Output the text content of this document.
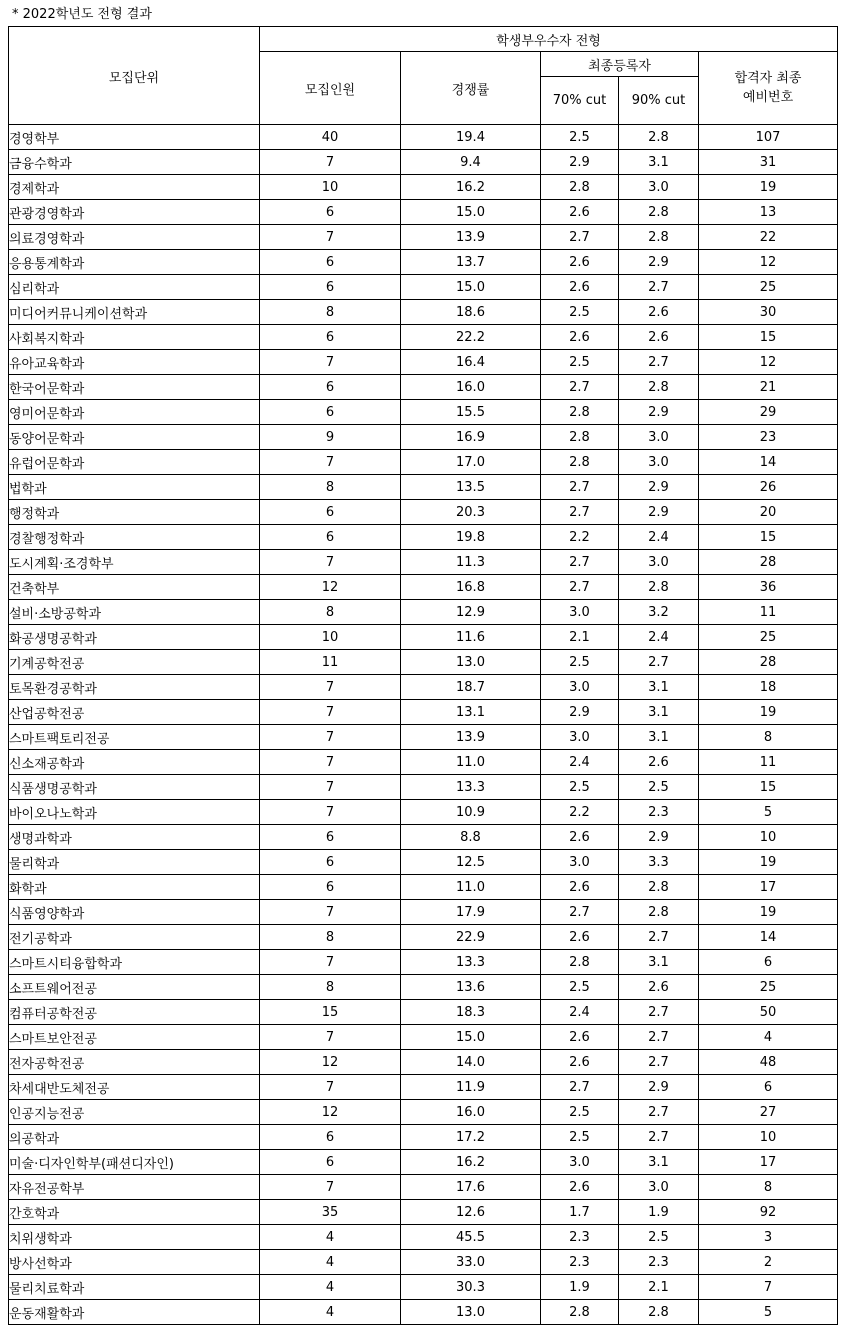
* 2022학년도 전형 결과
모집단위	학생부우수자 전형				
	모집인원	경쟁률	최종등록자		합격자 최종
예비번호
			70% cut	90% cut	
경영학부	40	19.4	2.5	2.8	107
금융수학과	7	9.4	2.9	3.1	31
경제학과	10	16.2	2.8	3.0	19
관광경영학과	6	15.0	2.6	2.8	13
의료경영학과	7	13.9	2.7	2.8	22
응용통계학과	6	13.7	2.6	2.9	12
심리학과	6	15.0	2.6	2.7	25
미디어커뮤니케이션학과	8	18.6	2.5	2.6	30
사회복지학과	6	22.2	2.6	2.6	15
유아교육학과	7	16.4	2.5	2.7	12
한국어문학과	6	16.0	2.7	2.8	21
영미어문학과	6	15.5	2.8	2.9	29
동양어문학과	9	16.9	2.8	3.0	23
유럽어문학과	7	17.0	2.8	3.0	14
법학과	8	13.5	2.7	2.9	26
행정학과	6	20.3	2.7	2.9	20
경찰행정학과	6	19.8	2.2	2.4	15
도시계획·조경학부	7	11.3	2.7	3.0	28
건축학부	12	16.8	2.7	2.8	36
설비·소방공학과	8	12.9	3.0	3.2	11
화공생명공학과	10	11.6	2.1	2.4	25
기계공학전공	11	13.0	2.5	2.7	28
토목환경공학과	7	18.7	3.0	3.1	18
산업공학전공	7	13.1	2.9	3.1	19
스마트팩토리전공	7	13.9	3.0	3.1	8
신소재공학과	7	11.0	2.4	2.6	11
식품생명공학과	7	13.3	2.5	2.5	15
바이오나노학과	7	10.9	2.2	2.3	5
생명과학과	6	8.8	2.6	2.9	10
물리학과	6	12.5	3.0	3.3	19
화학과	6	11.0	2.6	2.8	17
식품영양학과	7	17.9	2.7	2.8	19
전기공학과	8	22.9	2.6	2.7	14
스마트시티융합학과	7	13.3	2.8	3.1	6
소프트웨어전공	8	13.6	2.5	2.6	25
컴퓨터공학전공	15	18.3	2.4	2.7	50
스마트보안전공	7	15.0	2.6	2.7	4
전자공학전공	12	14.0	2.6	2.7	48
차세대반도체전공	7	11.9	2.7	2.9	6
인공지능전공	12	16.0	2.5	2.7	27
의공학과	6	17.2	2.5	2.7	10
미술·디자인학부(패션디자인)	6	16.2	3.0	3.1	17
자유전공학부	7	17.6	2.6	3.0	8
간호학과	35	12.6	1.7	1.9	92
치위생학과	4	45.5	2.3	2.5	3
방사선학과	4	33.0	2.3	2.3	2
물리치료학과	4	30.3	1.9	2.1	7
운동재활학과	4	13.0	2.8	2.8	5
